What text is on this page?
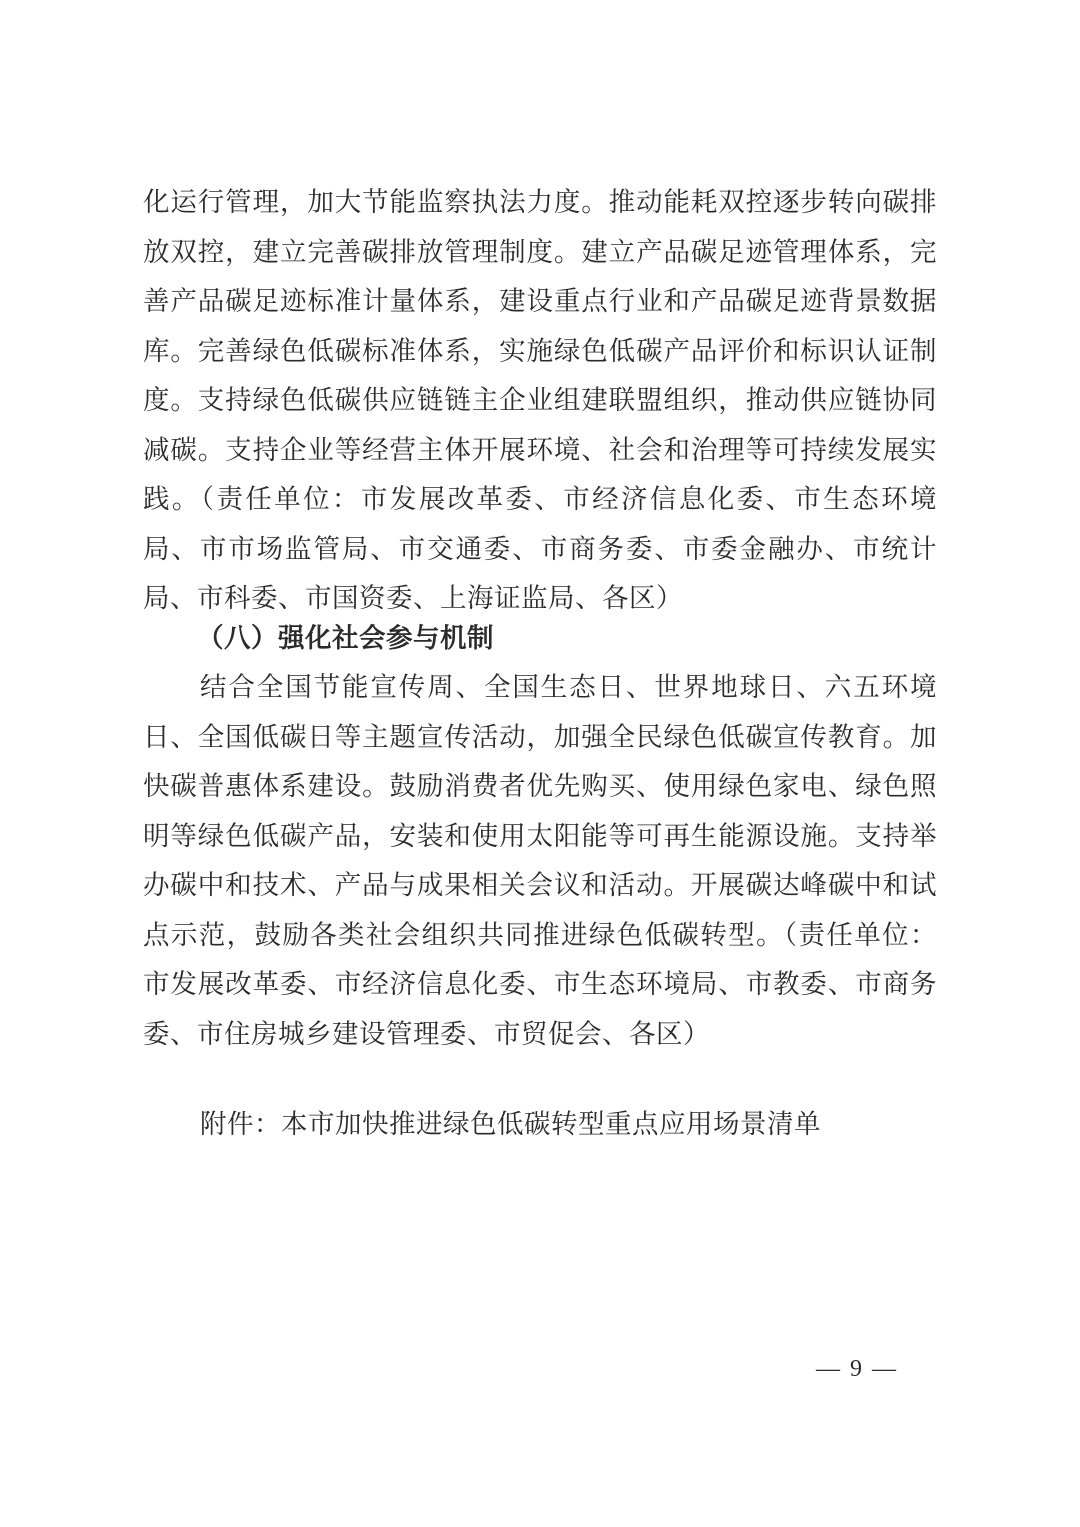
化运行管理，加大节能监察执法力度。推动能耗双控逐步转向碳排放双控，建立完善碳排放管理制度。建立产品碳足迹管理体系，完善产品碳足迹标准计量体系，建设重点行业和产品碳足迹背景数据库。完善绿色低碳标准体系，实施绿色低碳产品评价和标识认证制度。支持绿色低碳供应链链主企业组建联盟组织，推动供应链协同减碳。支持企业等经营主体开展环境、社会和治理等可持续发展实践。（责任单位：市发展改革委、市经济信息化委、市生态环境局、市市场监管局、市交通委、市商务委、市委金融办、市统计局、市科委、市国资委、上海证监局、各区）

（八）强化社会参与机制

结合全国节能宣传周、全国生态日、世界地球日、六五环境日、全国低碳日等主题宣传活动，加强全民绿色低碳宣传教育。加快碳普惠体系建设。鼓励消费者优先购买、使用绿色家电、绿色照明等绿色低碳产品，安装和使用太阳能等可再生能源设施。支持举办碳中和技术、产品与成果相关会议和活动。开展碳达峰碳中和试点示范，鼓励各类社会组织共同推进绿色低碳转型。（责任单位：市发展改革委、市经济信息化委、市生态环境局、市教委、市商务委、市住房城乡建设管理委、市贸促会、各区）

附件：本市加快推进绿色低碳转型重点应用场景清单

— 9 —
